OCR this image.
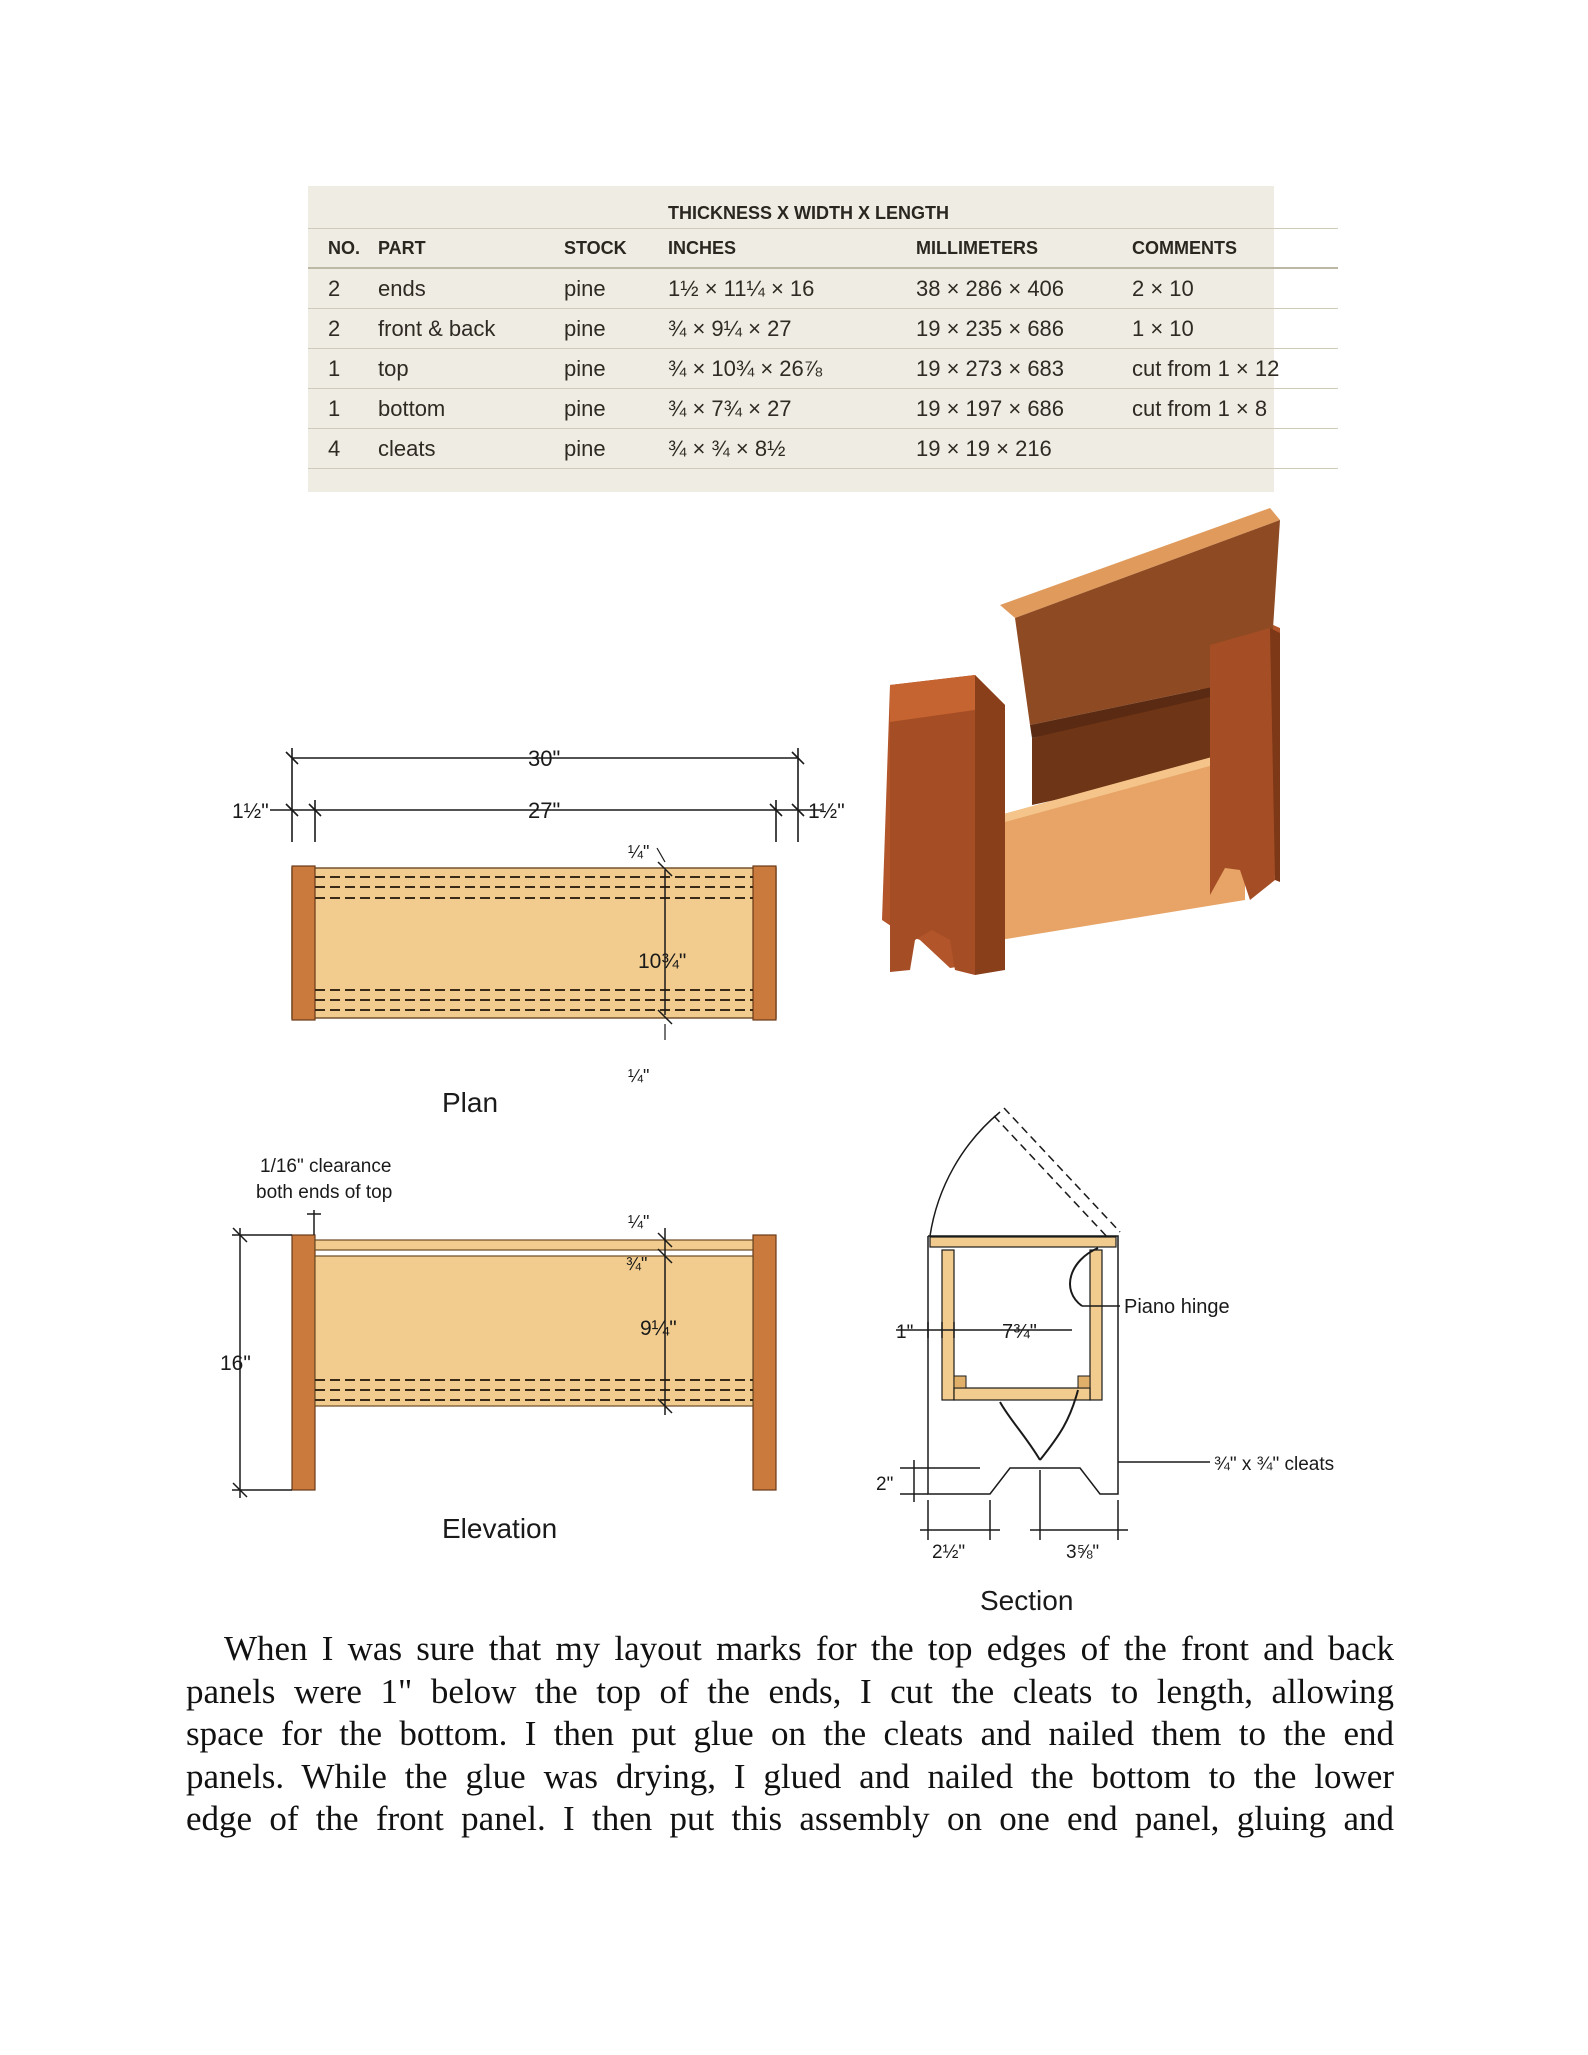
			THICKNESS X WIDTH X LENGTH		
NO.	PART	STOCK	INCHES	MILLIMETERS	COMMENTS
2	ends	pine	1½ × 11¼ × 16	38 × 286 × 406	2 × 10
2	front & back	pine	¾ × 9¼ × 27	19 × 235 × 686	1 × 10
1	top	pine	¾ × 10¾ × 26⅞	19 × 273 × 683	cut from 1 × 12
1	bottom	pine	¾ × 7¾ × 27	19 × 197 × 686	cut from 1 × 8
4	cleats	pine	¾ × ¾ × 8½	19 × 19 × 216	
30"
27"
1½"	1½"
¼"
10¾"
¼"
Plan
1/16" clearance
both ends of top
16"
¼"
¾"
9¼"
Elevation
Piano hinge
¾" x ¾" cleats
1"	7¾"
2"
2½"	3⅝"
Section
When I was sure that my layout marks for the top edges of the front and back
panels were 1" below the top of the ends, I cut the cleats to length, allowing
space for the bottom. I then put glue on the cleats and nailed them to the end
panels. While the glue was drying, I glued and nailed the bottom to the lower
edge of the front panel. I then put this assembly on one end panel, gluing and
